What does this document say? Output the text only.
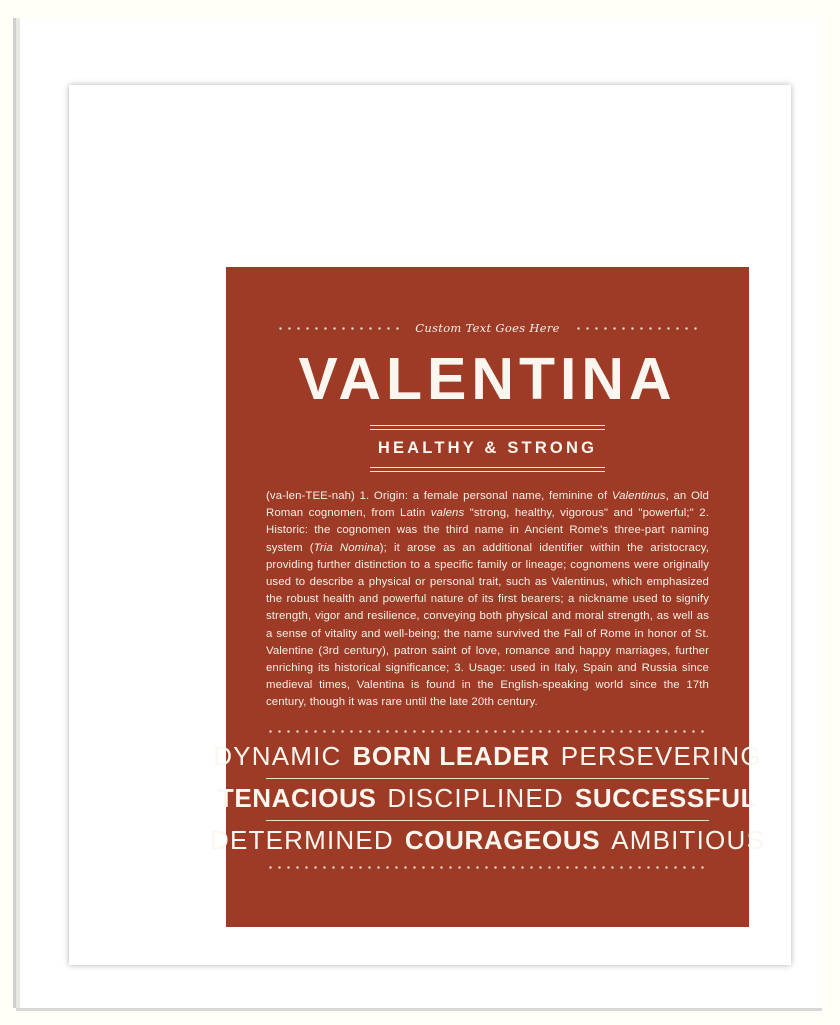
Custom Text Goes Here
VALENTINA
HEALTHY & STRONG
(va-len-TEE-nah) 1. Origin: a female personal name, feminine of Valentinus, an Old Roman cognomen, from Latin valens "strong, healthy, vigorous" and "powerful;" 2. Historic: the cognomen was the third name in Ancient Rome's three-part naming system (Tria Nomina); it arose as an additional identifier within the aristocracy, providing further distinction to a specific family or lineage; cognomens were originally used to describe a physical or personal trait, such as Valentinus, which emphasized the robust health and powerful nature of its first bearers; a nickname used to signify strength, vigor and resilience, conveying both physical and moral strength, as well as a sense of vitality and well-being; the name survived the Fall of Rome in honor of St. Valentine (3rd century), patron saint of love, romance and happy marriages, further enriching its historical significance; 3. Usage: used in Italy, Spain and Russia since medieval times, Valentina is found in the English-speaking world since the 17th century, though it was rare until the late 20th century.
DYNAMIC BORN LEADER PERSEVERING
TENACIOUS DISCIPLINED SUCCESSFUL
DETERMINED COURAGEOUS AMBITIOUS
